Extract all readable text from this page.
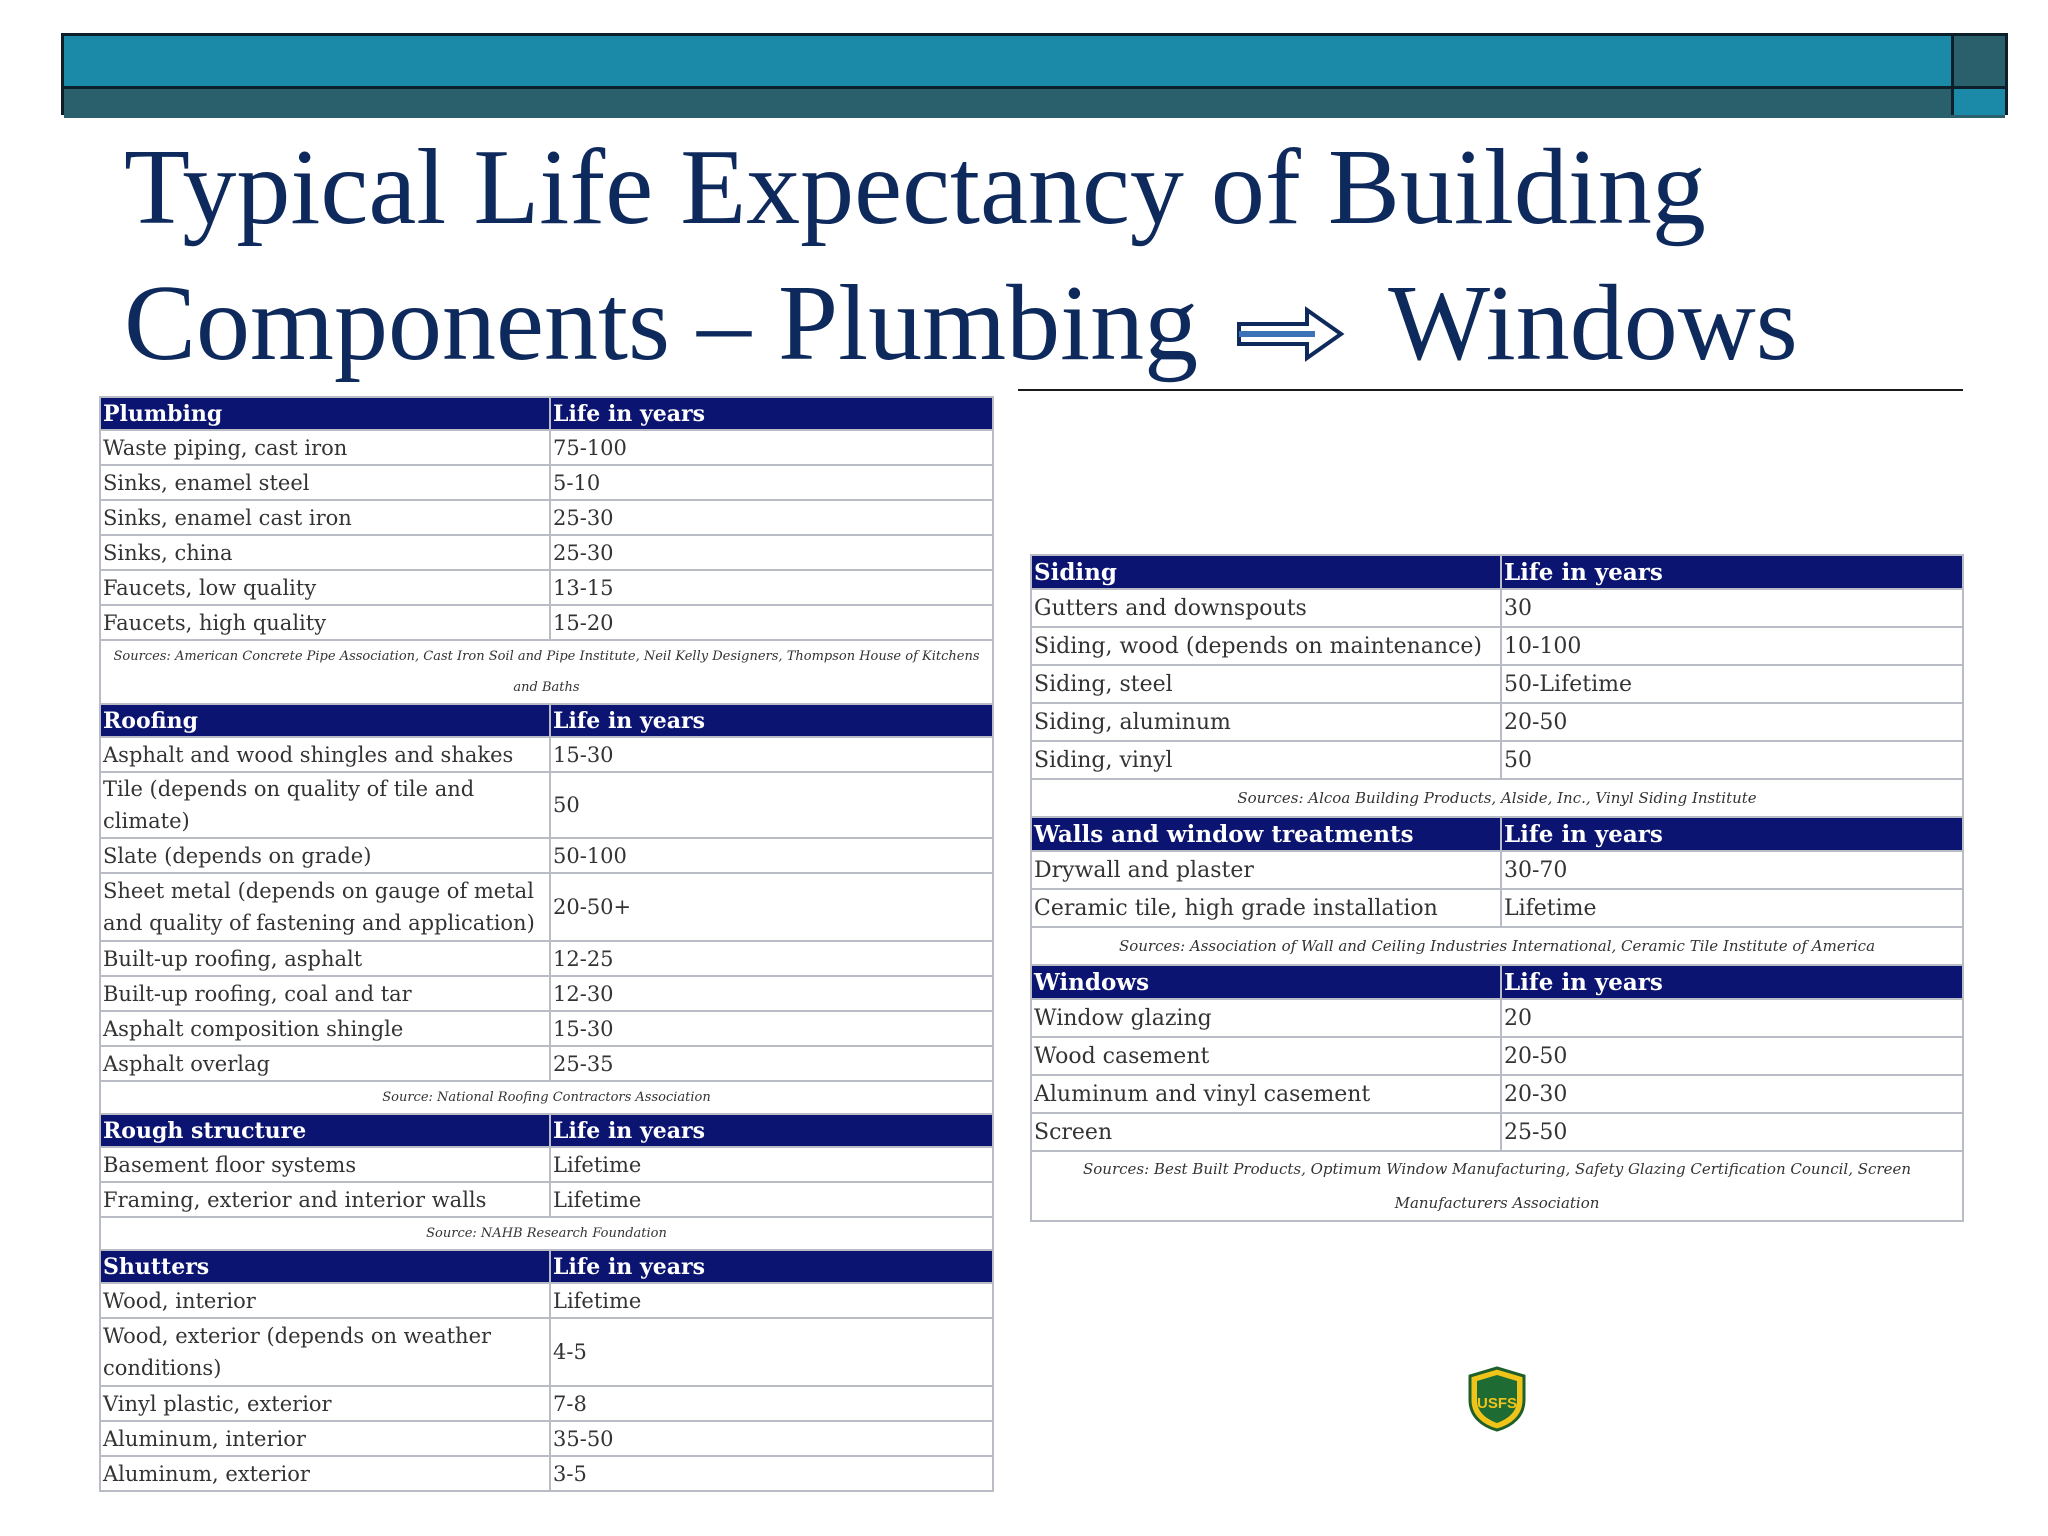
Typical Life Expectancy of Building
Components – Plumbing Windows
Plumbing	Life in years
Waste piping, cast iron	75-100
Sinks, enamel steel	5-10
Sinks, enamel cast iron	25-30
Sinks, china	25-30
Faucets, low quality	13-15
Faucets, high quality	15-20
Sources: American Concrete Pipe Association, Cast Iron Soil and Pipe Institute, Neil Kelly Designers, Thompson House of Kitchens and Baths	
Roofing	Life in years
Asphalt and wood shingles and shakes	15-30
Tile (depends on quality of tile and climate)	50
Slate (depends on grade)	50-100
Sheet metal (depends on gauge of metal and quality of fastening and application)	20-50+
Built-up roofing, asphalt	12-25
Built-up roofing, coal and tar	12-30
Asphalt composition shingle	15-30
Asphalt overlag	25-35
Source: National Roofing Contractors Association	
Rough structure	Life in years
Basement floor systems	Lifetime
Framing, exterior and interior walls	Lifetime
Source: NAHB Research Foundation	
Shutters	Life in years
Wood, interior	Lifetime
Wood, exterior (depends on weather conditions)	4-5
Vinyl plastic, exterior	7-8
Aluminum, interior	35-50
Aluminum, exterior	3-5
Siding	Life in years
Gutters and downspouts	30
Siding, wood (depends on maintenance)	10-100
Siding, steel	50-Lifetime
Siding, aluminum	20-50
Siding, vinyl	50
Sources: Alcoa Building Products, Alside, Inc., Vinyl Siding Institute	
Walls and window treatments	Life in years
Drywall and plaster	30-70
Ceramic tile, high grade installation	Lifetime
Sources: Association of Wall and Ceiling Industries International, Ceramic Tile Institute of America	
Windows	Life in years
Window glazing	20
Wood casement	20-50
Aluminum and vinyl casement	20-30
Screen	25-50
Sources: Best Built Products, Optimum Window Manufacturing, Safety Glazing Certification Council, Screen Manufacturers Association	
USFS
